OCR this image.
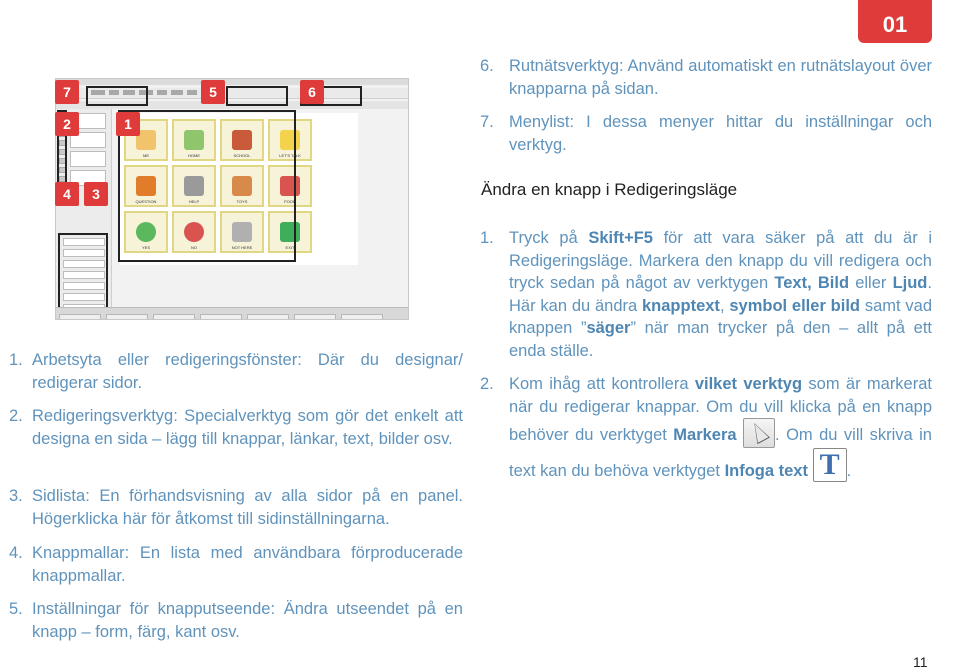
01
ME	HOME	SCHOOL	LET'S TALK
QUESTION	HELP	TOYS	FOOD
YES	NO	NOT HERE	EXIT
7	5	6
2	1
4	3
1. Arbetsyta eller redigeringsfönster: Där du designar/ redigerar sidor.
2. Redigeringsverktyg: Specialverktyg som gör det enkelt att designa en sida – lägg till knappar, länkar, text, bilder osv.
3. Sidlista: En förhandsvisning av alla sidor på en panel. Högerklicka här för åtkomst till sidinställningarna.
4. Knappmallar: En lista med användbara förproducerade knappmallar.
5. Inställningar för knapputseende: Ändra utseendet på en knapp – form, färg, kant osv.
6. Rutnätsverktyg: Använd automatiskt en rutnätslayout över knapparna på sidan.
7. Menylist: I dessa menyer hittar du inställningar och verktyg.
Ändra en knapp i Redigeringsläge
1. Tryck på Skift+F5 för att vara säker på att du är i Redigeringsläge. Markera den knapp du vill redigera och tryck sedan på något av verktygen Text, Bild eller Ljud. Här kan du ändra knapptext, symbol eller bild samt vad knappen ”säger” när man trycker på den – allt på ett enda ställe.
2. Kom ihåg att kontrollera vilket verktyg som är markerat när du redigerar knappar. Om du vill klicka på en knapp behöver du verktyget Markera . Om du vill skriva in text kan du behöva verktyget Infoga text T .
11
